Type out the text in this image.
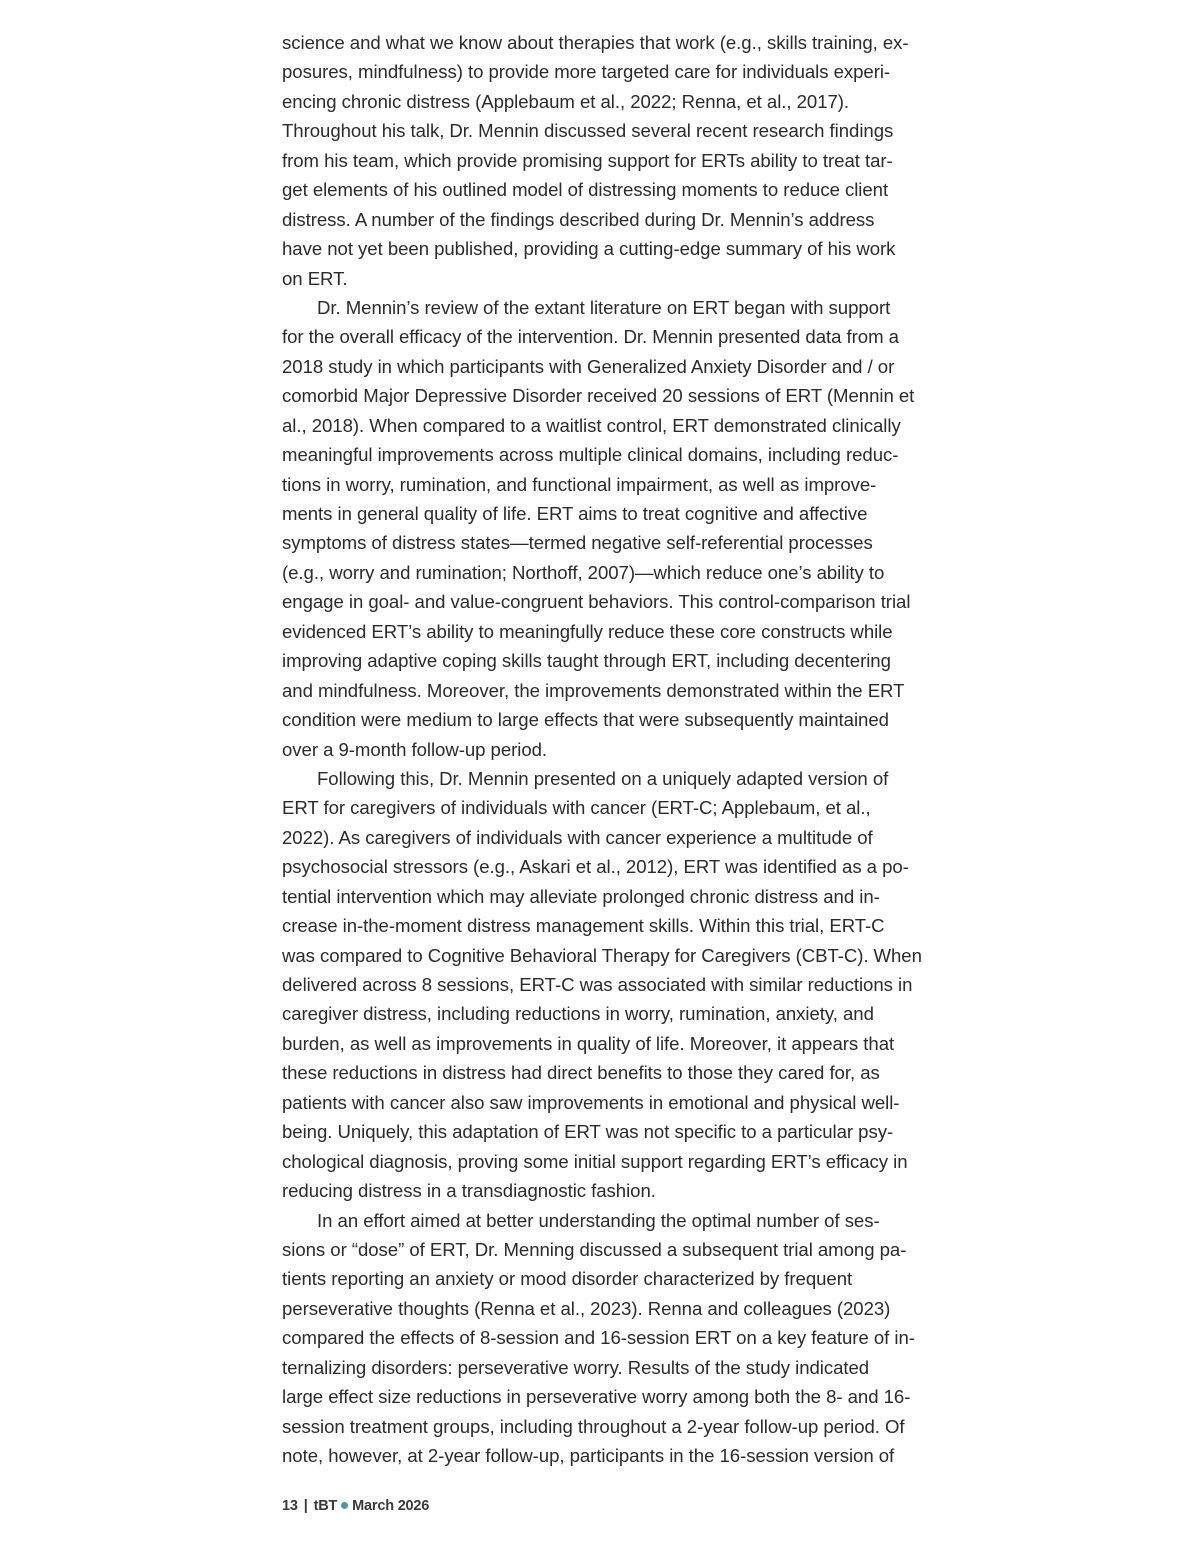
science and what we know about therapies that work (e.g., skills training, ex-
posures, mindfulness) to provide more targeted care for individuals experi-
encing chronic distress (Applebaum et al., 2022; Renna, et al., 2017).
Throughout his talk, Dr. Mennin discussed several recent research findings
from his team, which provide promising support for ERTs ability to treat tar-
get elements of his outlined model of distressing moments to reduce client
distress. A number of the findings described during Dr. Mennin’s address
have not yet been published, providing a cutting-edge summary of his work
on ERT.
Dr. Mennin’s review of the extant literature on ERT began with support
for the overall efficacy of the intervention. Dr. Mennin presented data from a
2018 study in which participants with Generalized Anxiety Disorder and / or
comorbid Major Depressive Disorder received 20 sessions of ERT (Mennin et
al., 2018). When compared to a waitlist control, ERT demonstrated clinically
meaningful improvements across multiple clinical domains, including reduc-
tions in worry, rumination, and functional impairment, as well as improve-
ments in general quality of life. ERT aims to treat cognitive and affective
symptoms of distress states—termed negative self-referential processes
(e.g., worry and rumination; Northoff, 2007)—which reduce one’s ability to
engage in goal- and value-congruent behaviors. This control-comparison trial
evidenced ERT’s ability to meaningfully reduce these core constructs while
improving adaptive coping skills taught through ERT, including decentering
and mindfulness. Moreover, the improvements demonstrated within the ERT
condition were medium to large effects that were subsequently maintained
over a 9-month follow-up period.
Following this, Dr. Mennin presented on a uniquely adapted version of
ERT for caregivers of individuals with cancer (ERT-C; Applebaum, et al.,
2022). As caregivers of individuals with cancer experience a multitude of
psychosocial stressors (e.g., Askari et al., 2012), ERT was identified as a po-
tential intervention which may alleviate prolonged chronic distress and in-
crease in-the-moment distress management skills. Within this trial, ERT-C
was compared to Cognitive Behavioral Therapy for Caregivers (CBT-C). When
delivered across 8 sessions, ERT-C was associated with similar reductions in
caregiver distress, including reductions in worry, rumination, anxiety, and
burden, as well as improvements in quality of life. Moreover, it appears that
these reductions in distress had direct benefits to those they cared for, as
patients with cancer also saw improvements in emotional and physical well-
being. Uniquely, this adaptation of ERT was not specific to a particular psy-
chological diagnosis, proving some initial support regarding ERT’s efficacy in
reducing distress in a transdiagnostic fashion.
In an effort aimed at better understanding the optimal number of ses-
sions or “dose” of ERT, Dr. Menning discussed a subsequent trial among pa-
tients reporting an anxiety or mood disorder characterized by frequent
perseverative thoughts (Renna et al., 2023). Renna and colleagues (2023)
compared the effects of 8-session and 16-session ERT on a key feature of in-
ternalizing disorders: perseverative worry. Results of the study indicated
large effect size reductions in perseverative worry among both the 8- and 16-
session treatment groups, including throughout a 2-year follow-up period. Of
note, however, at 2-year follow-up, participants in the 16-session version of
13 | tBT March 2026
